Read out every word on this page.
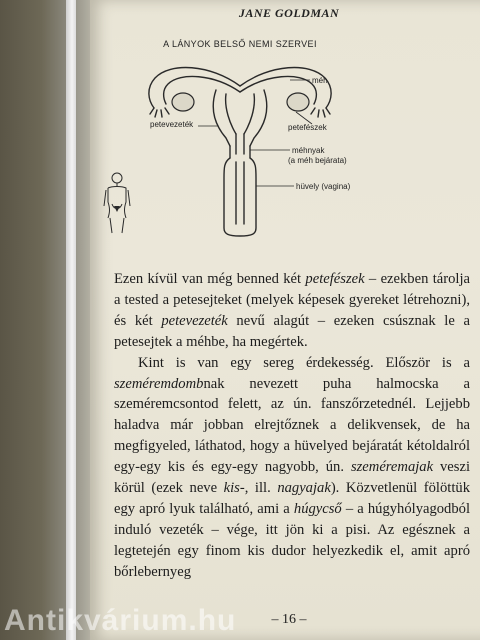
JANE GOLDMAN
A LÁNYOK BELSŐ NEMI SZERVEI
méh
petevezeték	petefészek
méhnyak
(a méh bejárata)
hüvely (vagina)

Ezen kívül van még benned két petefészek – ezekben tárolja a tested a petesejteket (melyek képesek gyereket létrehozni), és két petevezeték nevű alagút – ezeken csúsznak le a petesejtek a méhbe, ha megértek.

Kint is van egy sereg érdekesség. Először is a szeméremdombnak nevezett puha halmocska a szeméremcsontod felett, az ún. fanszőrzetednél. Lejjebb haladva már jobban elrejtőznek a delikvensek, de ha megfigyeled, láthatod, hogy a hüvelyed bejáratát kétoldalról egy-egy kis és egy-egy nagyobb, ún. szeméremajak veszi körül (ezek neve kis-, ill. nagyajak). Közvetlenül fölöttük egy apró lyuk található, ami a húgycső – a húgyhólyagodból induló vezeték – vége, itt jön ki a pisi. Az egésznek a legtetején egy finom kis dudor helyezkedik el, amit apró bőrlebernyeg

– 16 –
Antikvárium.hu
